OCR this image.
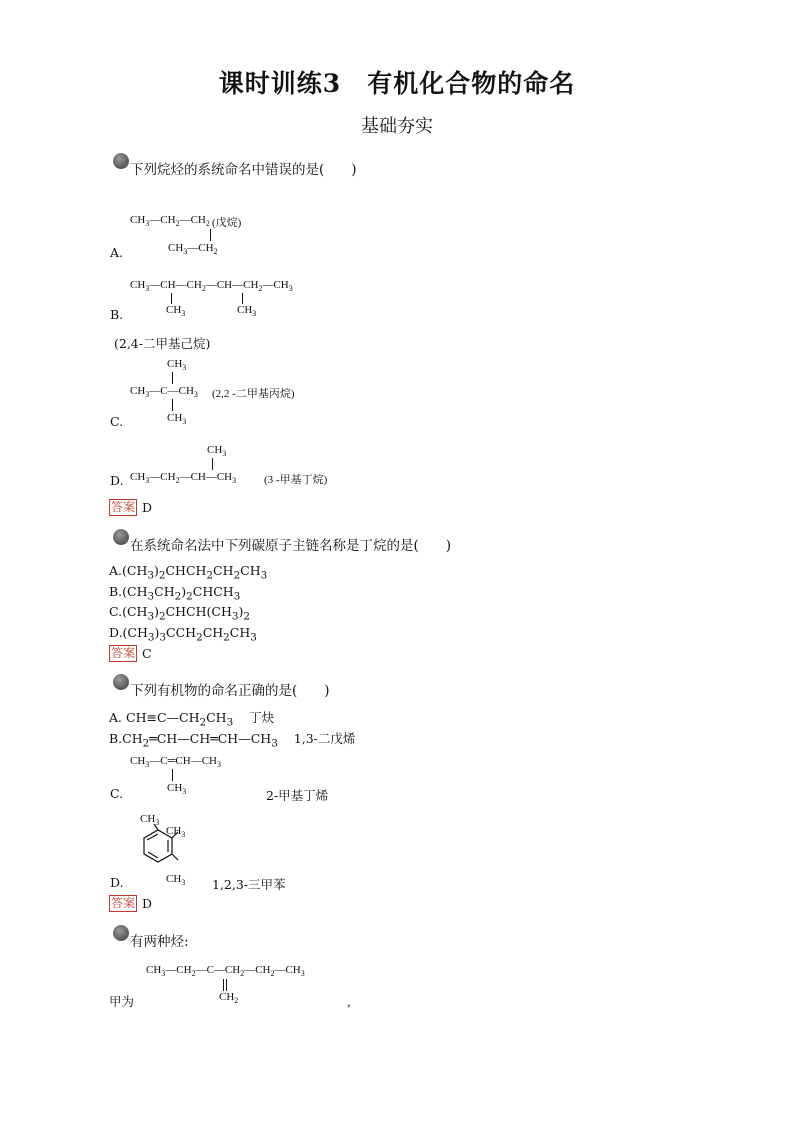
课时训练3　有机化合物的命名
基础夯实
下列烷烃的系统命名中错误的是(　　)
$CH_3—CH_2—CH_2$ (戊烷)
$CH_3—CH_2$
A.
$CH_3—CH—CH_2—CH—CH_2—CH_3$
$CH_3$	$CH_3$
B.
(2,4-二甲基己烷)
$CH_3$
$CH_3—C—CH_3$ (2,2 -二甲基丙烷)
$CH_3$
C.
$CH_3$
$CH_3—CH_2—CH—CH_3$	(3 -甲基丁烷)
D.
答案 D
在系统命名法中下列碳原子主链名称是丁烷的是(　　)
$A.(CH_3)_2CHCH_2CH_2CH_3$
$B.(CH_3CH_2)_2CHCH_3$
$C.(CH_3)_2CHCH(CH_3)_2$
$D.(CH_3)_3CCH_2CH_2CH_3$
答案 C
下列有机物的命名正确的是(　　)
A. $CH\equiv C—CH_2CH_3$ 丁炔
$B.CH_2═CH—CH═CH—CH_3$ 1,3-二戊烯
$CH_3—C═CH—CH_3$
$CH_3$
C.	2-甲基丁烯
$CH_3$
$CH_3$
$CH_3$
D.	1,2,3-三甲苯
答案 D
有两种烃:
$CH_3—CH_2—C—CH_2—CH_2—CH_3$
$CH_2$
甲为	,
